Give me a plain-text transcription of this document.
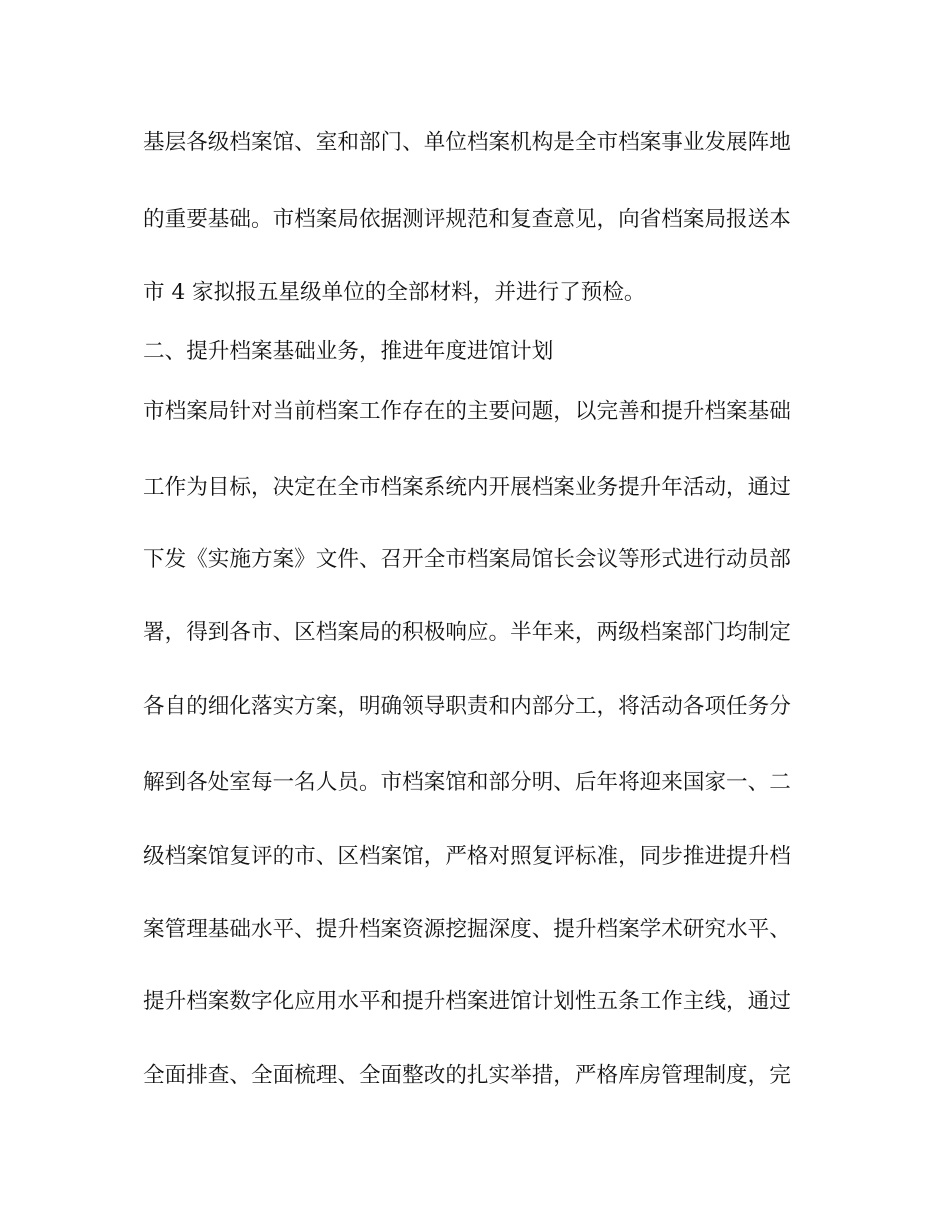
基层各级档案馆、室和部门、单位档案机构是全市档案事业发展阵地
的重要基础。市档案局依据测评规范和复查意见，向省档案局报送本
市 4 家拟报五星级单位的全部材料，并进行了预检。
二、提升档案基础业务，推进年度进馆计划
市档案局针对当前档案工作存在的主要问题，以完善和提升档案基础
工作为目标，决定在全市档案系统内开展档案业务提升年活动，通过
下发《实施方案》文件、召开全市档案局馆长会议等形式进行动员部
署，得到各市、区档案局的积极响应。半年来，两级档案部门均制定
各自的细化落实方案，明确领导职责和内部分工，将活动各项任务分
解到各处室每一名人员。市档案馆和部分明、后年将迎来国家一、二
级档案馆复评的市、区档案馆，严格对照复评标准，同步推进提升档
案管理基础水平、提升档案资源挖掘深度、提升档案学术研究水平、
提升档案数字化应用水平和提升档案进馆计划性五条工作主线，通过
全面排查、全面梳理、全面整改的扎实举措，严格库房管理制度，完
